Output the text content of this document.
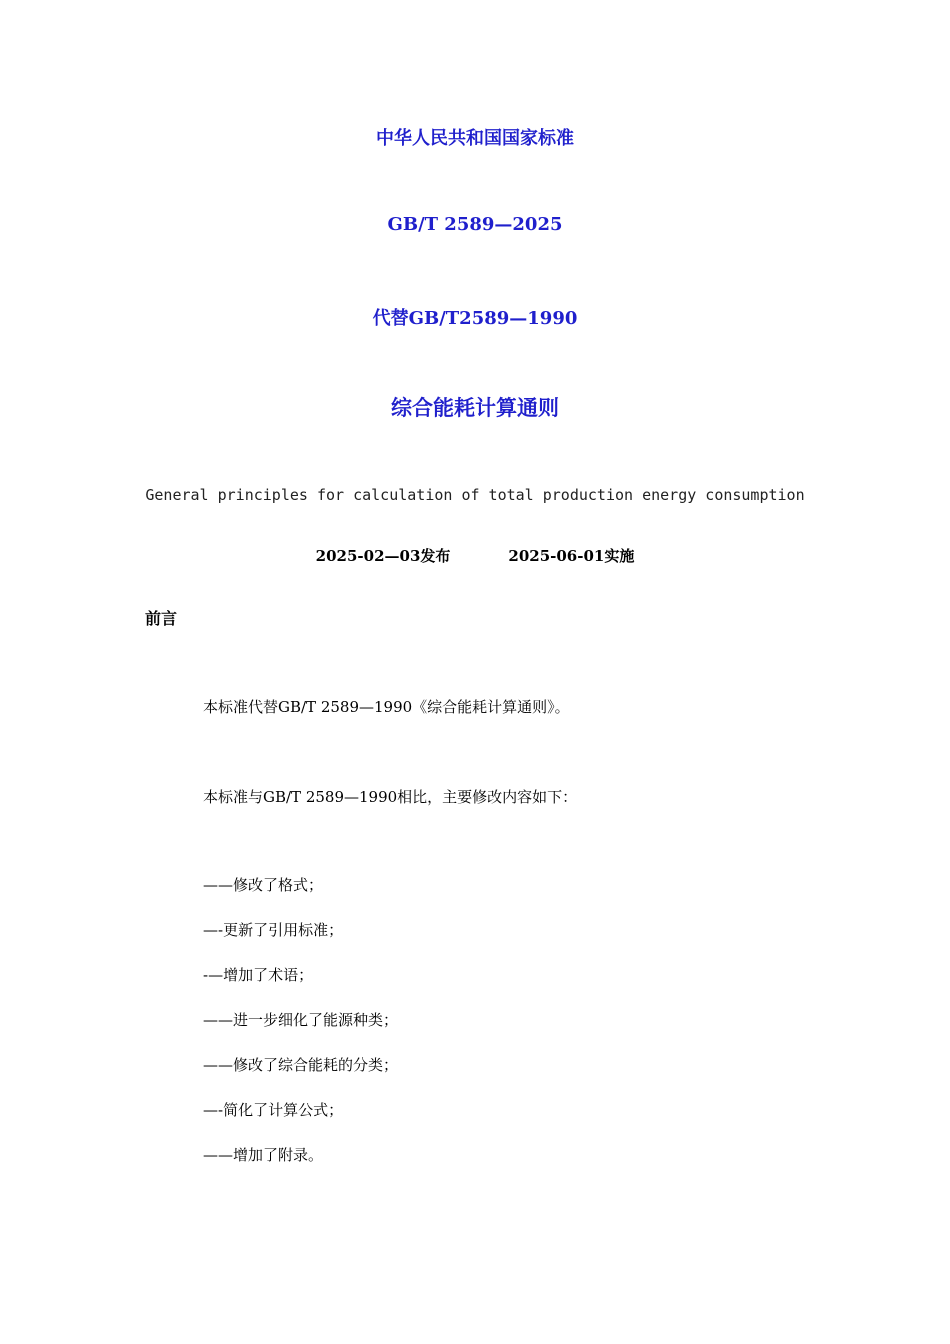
中华人民共和国国家标准
GB/T 2589—2025
代替GB/T2589—1990
综合能耗计算通则
General principles for calculation of total production energy consumption
2025-02—03发布	2025-06-01实施
前言
本标准代替GB/T 2589—1990《综合能耗计算通则》。
本标准与GB/T 2589—1990相比，主要修改内容如下：
——修改了格式；
—-更新了引用标准；
-—增加了术语；
——进一步细化了能源种类；
——修改了综合能耗的分类；
—-简化了计算公式；
——增加了附录。
